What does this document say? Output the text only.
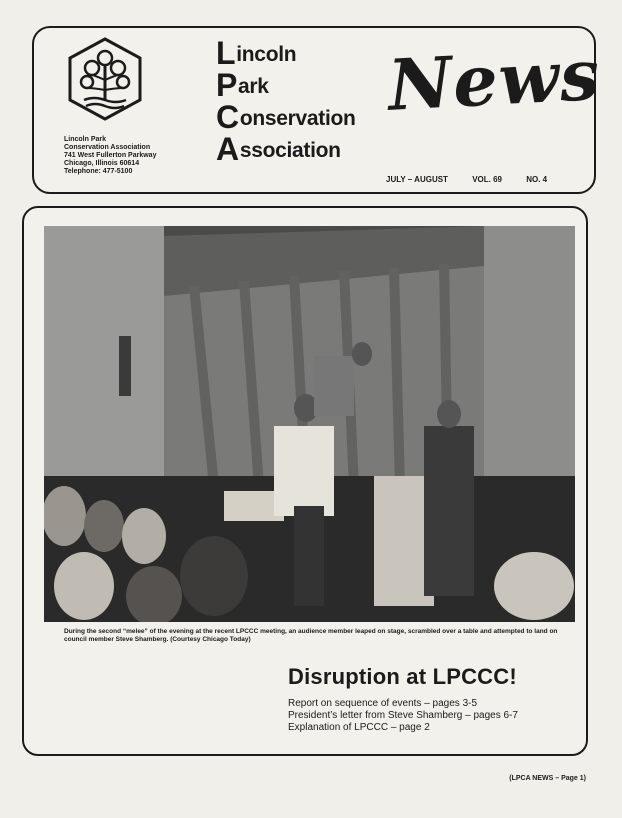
Lincoln Park
Conservation Association
741 West Fullerton Parkway
Chicago, Illinois 60614
Telephone: 477-5100
Lincoln
Park
Conservation
Association
News
JULY – AUGUST	VOL. 69	NO. 4
During the second “melee” of the evening at the recent LPCCC meeting, an audience member leaped on stage, scrambled over a table and attempted to land on council member Steve Shamberg. (Courtesy Chicago Today)
Disruption at LPCCC!
Report on sequence of events – pages 3-5
President’s letter from Steve Shamberg – pages 6-7
Explanation of LPCCC – page 2
(LPCA NEWS – Page 1)
